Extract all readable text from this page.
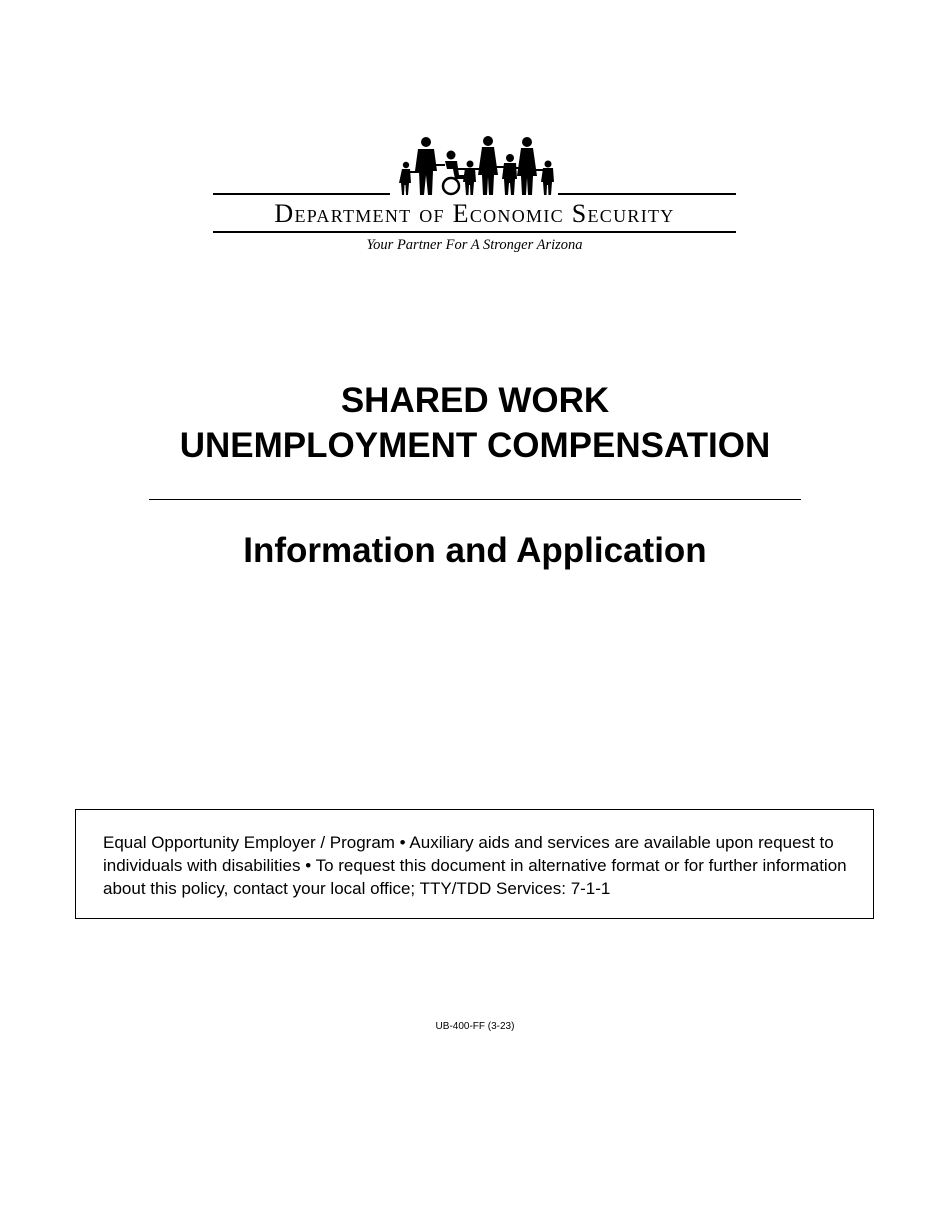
Department of Economic Security
Your Partner For A Stronger Arizona
SHARED WORK
UNEMPLOYMENT COMPENSATION
Information and Application
Equal Opportunity Employer / Program • Auxiliary aids and services are available upon request to individuals with disabilities • To request this document in alternative format or for further information about this policy, contact your local office; TTY/TDD Services: 7-1-1
UB-400-FF (3-23)
